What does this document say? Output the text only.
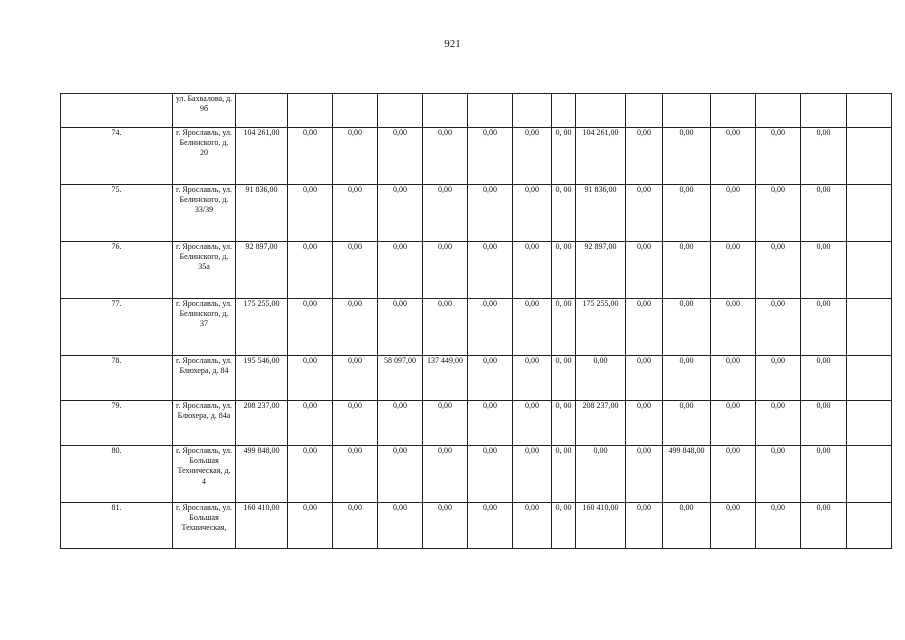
921
	ул. Бахвалова, д. 9б															
74.	г. Ярославль, ул. Белинского, д. 20	104 261,00	0,00	0,00	0,00	0,00	0,00	0,00	0, 00	104 261,00	0,00	0,00	0,00	0,00	0,00	
75.	г. Ярославль, ул. Белинского, д. 33/39	91 836,00	0,00	0,00	0,00	0,00	0,00	0,00	0, 00	91 836,00	0,00	0,00	0,00	0,00	0,00	
76.	г. Ярославль, ул. Белинского, д. 35а	92 897,00	0,00	0,00	0,00	0,00	0,00	0,00	0, 00	92 897,00	0,00	0,00	0,00	0,00	0,00	
77.	г. Ярославль, ул. Белинского, д. 37	175 255,00	0,00	0,00	0,00	0,00	0,00	0,00	0, 00	175 255,00	0,00	0,00	0,00	0,00	0,00	
78.	г. Ярославль, ул. Блюхера, д. 84	195 546,00	0,00	0,00	58 097,00	137 449,00	0,00	0,00	0, 00	0,00	0,00	0,00	0,00	0,00	0,00	
79.	г. Ярославль, ул. Блюхера, д. 84а	208 237,00	0,00	0,00	0,00	0,00	0,00	0,00	0, 00	208 237,00	0,00	0,00	0,00	0,00	0,00	
80.	г. Ярославль, ул. Большая Техническая, д. 4	499 848,00	0,00	0,00	0,00	0,00	0,00	0,00	0, 00	0,00	0,00	499 848,00	0,00	0,00	0,00	
81.	г. Ярославль, ул. Большая Техническая,	160 410,00	0,00	0,00	0,00	0,00	0,00	0,00	0, 00	160 410,00	0,00	0,00	0,00	0,00	0,00	
